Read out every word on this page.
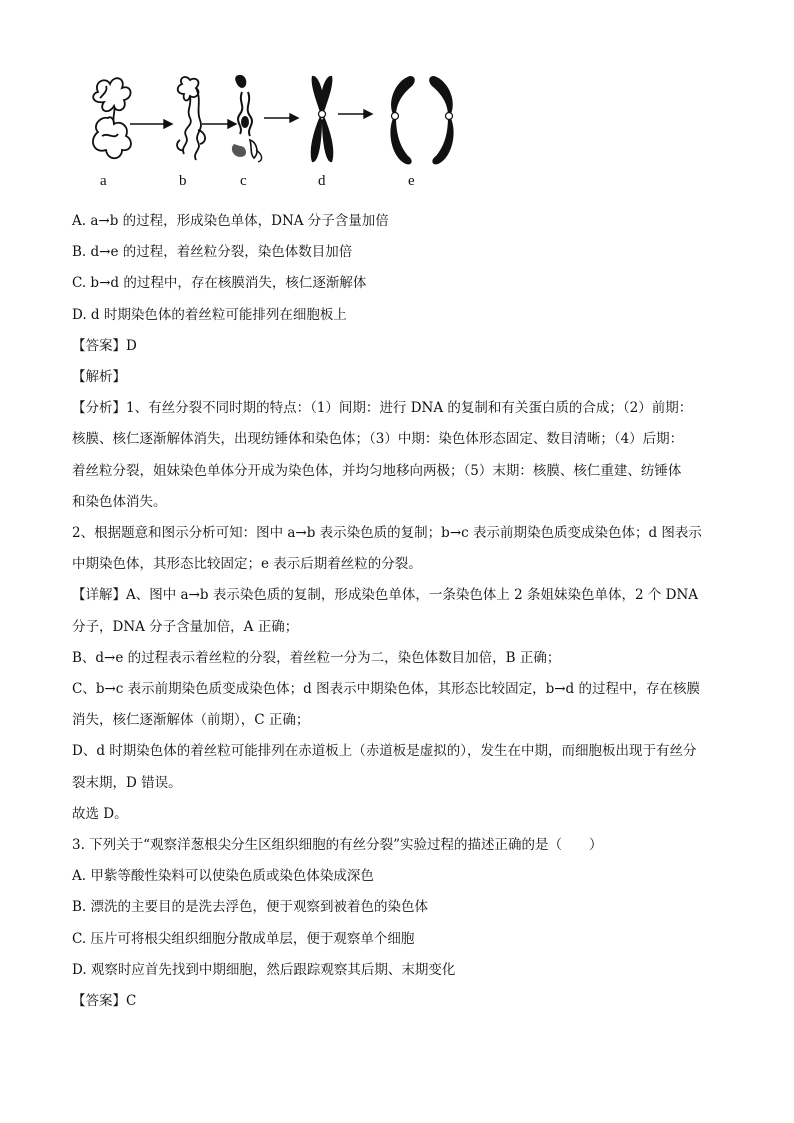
a	b	c	d	e
A. a→b 的过程，形成染色单体，DNA 分子含量加倍
B. d→e 的过程，着丝粒分裂，染色体数目加倍
C. b→d 的过程中，存在核膜消失，核仁逐渐解体
D. d 时期染色体的着丝粒可能排列在细胞板上
【答案】D
【解析】
【分析】1、有丝分裂不同时期的特点：（1）间期：进行 DNA 的复制和有关蛋白质的合成；（2）前期：
核膜、核仁逐渐解体消失，出现纺锤体和染色体；（3）中期：染色体形态固定、数目清晰；（4）后期：
着丝粒分裂，姐妹染色单体分开成为染色体，并均匀地移向两极；（5）末期：核膜、核仁重建、纺锤体
和染色体消失。
2、根据题意和图示分析可知：图中 a→b 表示染色质的复制；b→c 表示前期染色质变成染色体；d 图表示
中期染色体，其形态比较固定；e 表示后期着丝粒的分裂。
【详解】A、图中 a→b 表示染色质的复制，形成染色单体，一条染色体上 2 条姐妹染色单体，2 个 DNA
分子，DNA 分子含量加倍，A 正确；
B、d→e 的过程表示着丝粒的分裂，着丝粒一分为二，染色体数目加倍，B 正确；
C、b→c 表示前期染色质变成染色体；d 图表示中期染色体，其形态比较固定，b→d 的过程中，存在核膜
消失，核仁逐渐解体（前期），C 正确；
D、d 时期染色体的着丝粒可能排列在赤道板上（赤道板是虚拟的），发生在中期，而细胞板出现于有丝分
裂末期，D 错误。
故选 D。
3. 下列关于“观察洋葱根尖分生区组织细胞的有丝分裂”实验过程的描述正确的是（　　）
A. 甲紫等酸性染料可以使染色质或染色体染成深色
B. 漂洗的主要目的是洗去浮色，便于观察到被着色的染色体
C. 压片可将根尖组织细胞分散成单层，便于观察单个细胞
D. 观察时应首先找到中期细胞，然后跟踪观察其后期、末期变化
【答案】C
